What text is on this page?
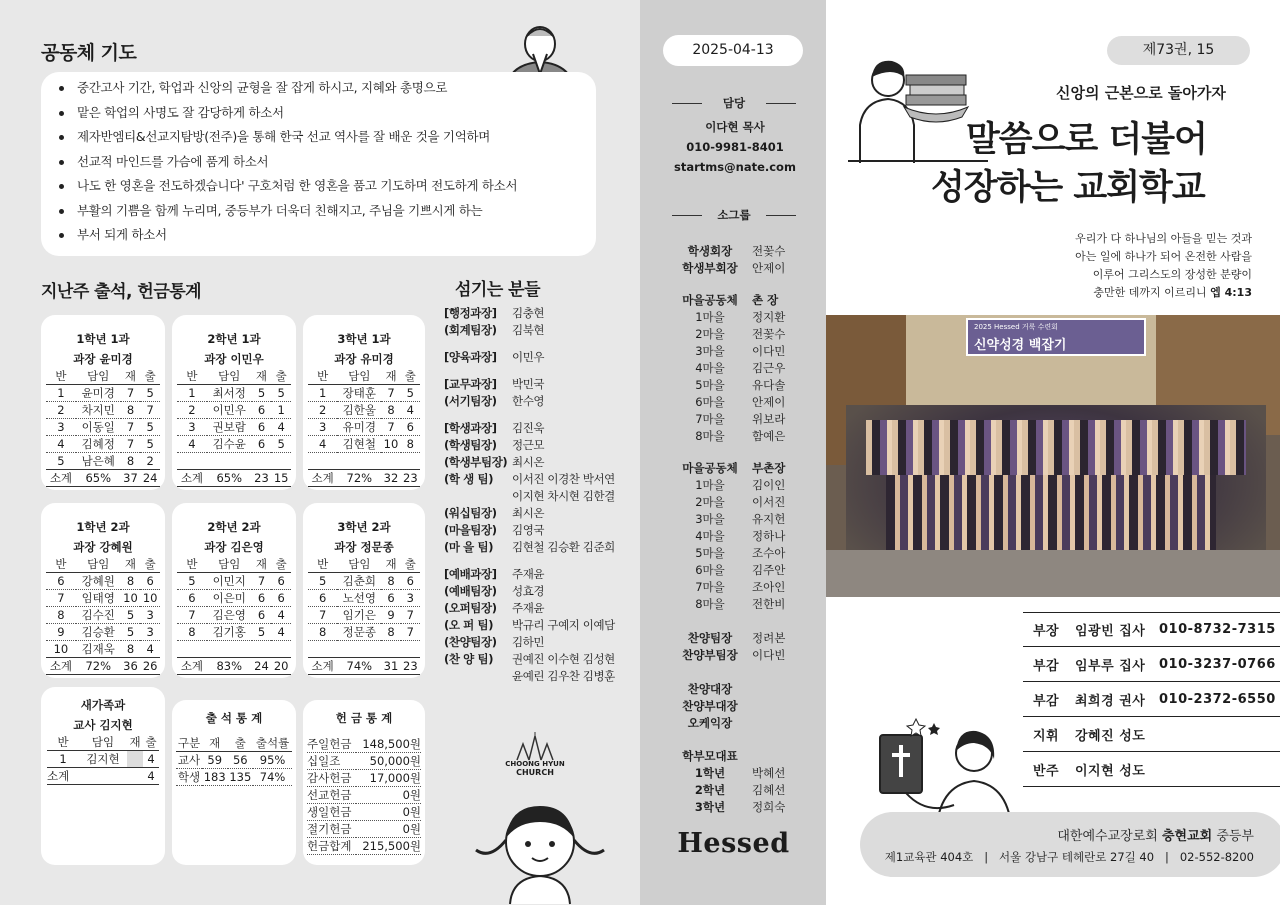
공동체 기도
중간고사 기간, 학업과 신앙의 균형을 잘 잡게 하시고, 지혜와 총명으로
맡은 학업의 사명도 잘 감당하게 하소서
제자반엠티&선교지탐방(전주)을 통해 한국 선교 역사를 잘 배운 것을 기억하며
선교적 마인드를 가슴에 품게 하소서
나도 한 영혼을 전도하겠습니다' 구호처럼 한 영혼을 품고 기도하며 전도하게 하소서
부활의 기쁨을 함께 누리며, 중등부가 더욱더 친해지고, 주님을 기쁘시게 하는
부서 되게 하소서
지난주 출석, 헌금통계	섬기는 분들
1학년 1과
과장 윤미경
반	담임	재	출
1	윤미경	7	5
2	차지민	8	7
3	이동일	7	5
4	김혜정	7	5
5	남은혜	8	2
소계	65%	37	24
2학년 1과
과장 이민우
반	담임	재	출
1	최서정	5	5
2	이민우	6	1
3	권보람	6	4
4	김수윤	6	5

소계	65%	23	15
3학년 1과
과장 유미경
반	담임	재	출
1	장태훈	7	5
2	김한울	8	4
3	유미경	7	6
4	김현철	10	8

소계	72%	32	23
1학년 2과
과장 강혜원
반	담임	재	출
6	강혜원	8	6
7	임태영	10	10
8	김수진	5	3
9	김승환	5	3
10	김재욱	8	4
소계	72%	36	26
2학년 2과
과장 김은영
반	담임	재	출
5	이민지	7	6
6	이은미	6	6
7	김은영	6	4
8	김기홍	5	4

소계	83%	24	20
3학년 2과
과장 정문종
반	담임	재	출
5	김춘희	8	6
6	노선영	6	3
7	임기은	9	7
8	정문종	8	7

소계	74%	31	23
새가족과
교사 김지현
반	담임	재	출
1	김지현		4
소계			4
출 석 통 계
구분	재	출	출석률
교사	59	56	95%
학생	183	135	74%
헌 금 통 계
주일헌금	148,500원
십일조	50,000원
감사헌금	17,000원
선교헌금	0원
생일헌금	0원
절기헌금	0원
헌금합계	215,500원
CHOONG HYUN
CHURCH
[행정과장]	김충현
(회계팀장)	김북현
[양육과장]	이민우
[교무과장]	박민국
(서기팀장)	한수영
[학생과장]	김진욱
(학생팀장)	정근모
(학생부팀장) 최시온
(학 생 팀)	이서진 이경찬 박서연
이지현 차시현 김한결
(워십팀장)	최시온
(마을팀장)	김영국
(마 을 팀)	김현철 김승환 김준희
[예배과장]	주재윤
(예배팀장)	성효경
(오퍼팀장)	주재윤
(오 퍼 팀)	박규리 구예지 이예담
(찬양팀장)	김하민
(찬 양 팀)	권예진 이수현 김성현
윤예린 김우찬 김병훈
2025-04-13
담당
이다현 목사
010-9981-8401
startms@nate.com
소그룹
학생회장	전꽃수
학생부회장	안제이
마을공동체	촌 장
1마을	정지환
2마을	전꽃수
3마을	이다민
4마을	김근우
5마을	유다솔
6마을	안제이
7마을	위보라
8마을	함예은
마을공동체	부촌장
1마을	김이인
2마을	이서진
3마을	유지헌
4마을	정하나
5마을	조수아
6마을	김주안
7마을	조아인
8마을	전한비
찬양팀장	정려본
찬양부팀장	이다빈
찬양대장
찬양부대장
오케익장
학부모대표
1학년	박혜선
2학년	김혜선
3학년	정희숙
Hessed
제73권, 15
신앙의 근본으로 돌아가자
말씀으로 더불어
성장하는 교회학교
우리가 다 하나님의 아들을 믿는 것과
아는 일에 하나가 되어 온전한 사람을
이루어 그리스도의 장성한 분량이
충만한 데까지 이르리니 엡 4:13
2025 Hessed 거룩 수련회
신약성경 백잡기
부장	임광빈 집사	010-8732-7315
부감	임부루 집사	010-3237-0766
부감	최희경 권사	010-2372-6550
지휘	강혜진 성도
반주	이지현 성도
대한예수교장로회 충현교회 중등부
제1교육관 404호   |   서울 강남구 테헤란로 27길 40   |   02-552-8200
